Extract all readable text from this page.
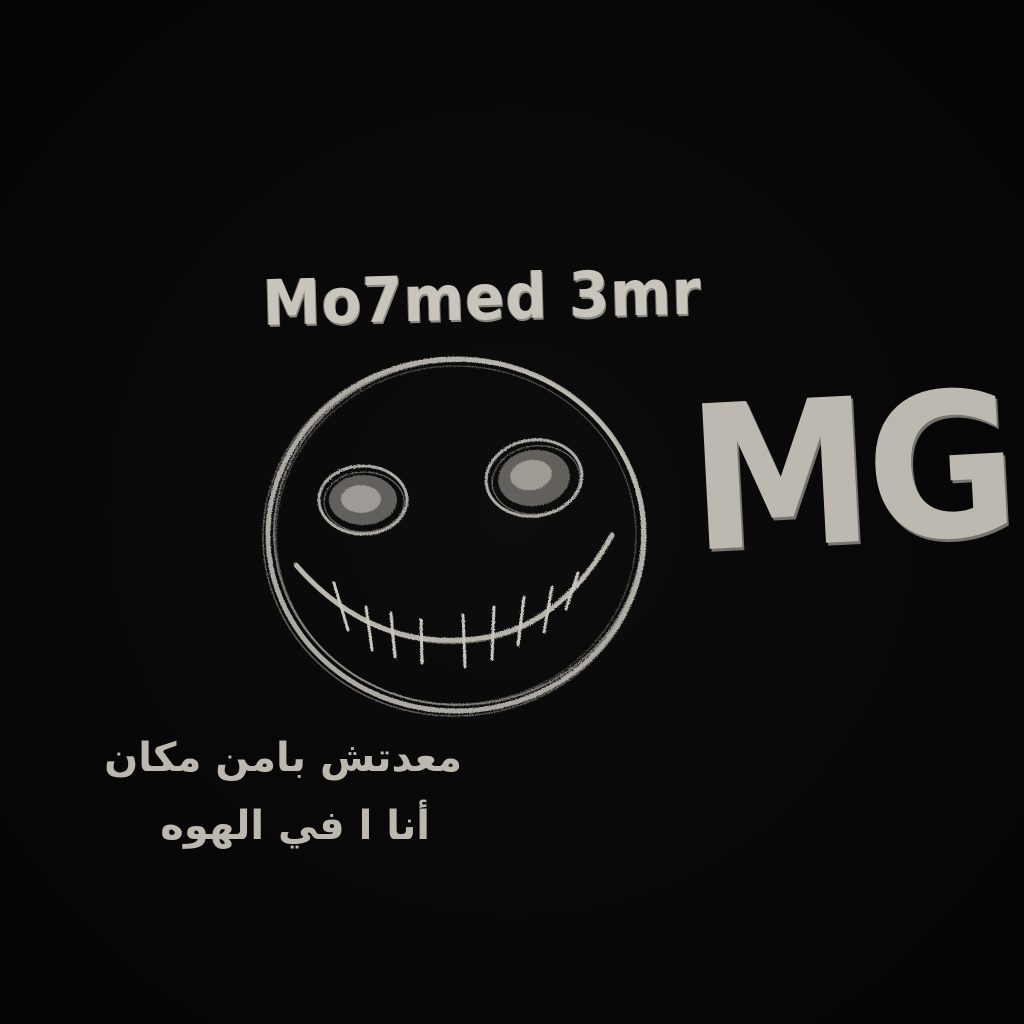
Mo7med 3mr
MG
معدتش بامن مكان
أنا ا في الهوه
